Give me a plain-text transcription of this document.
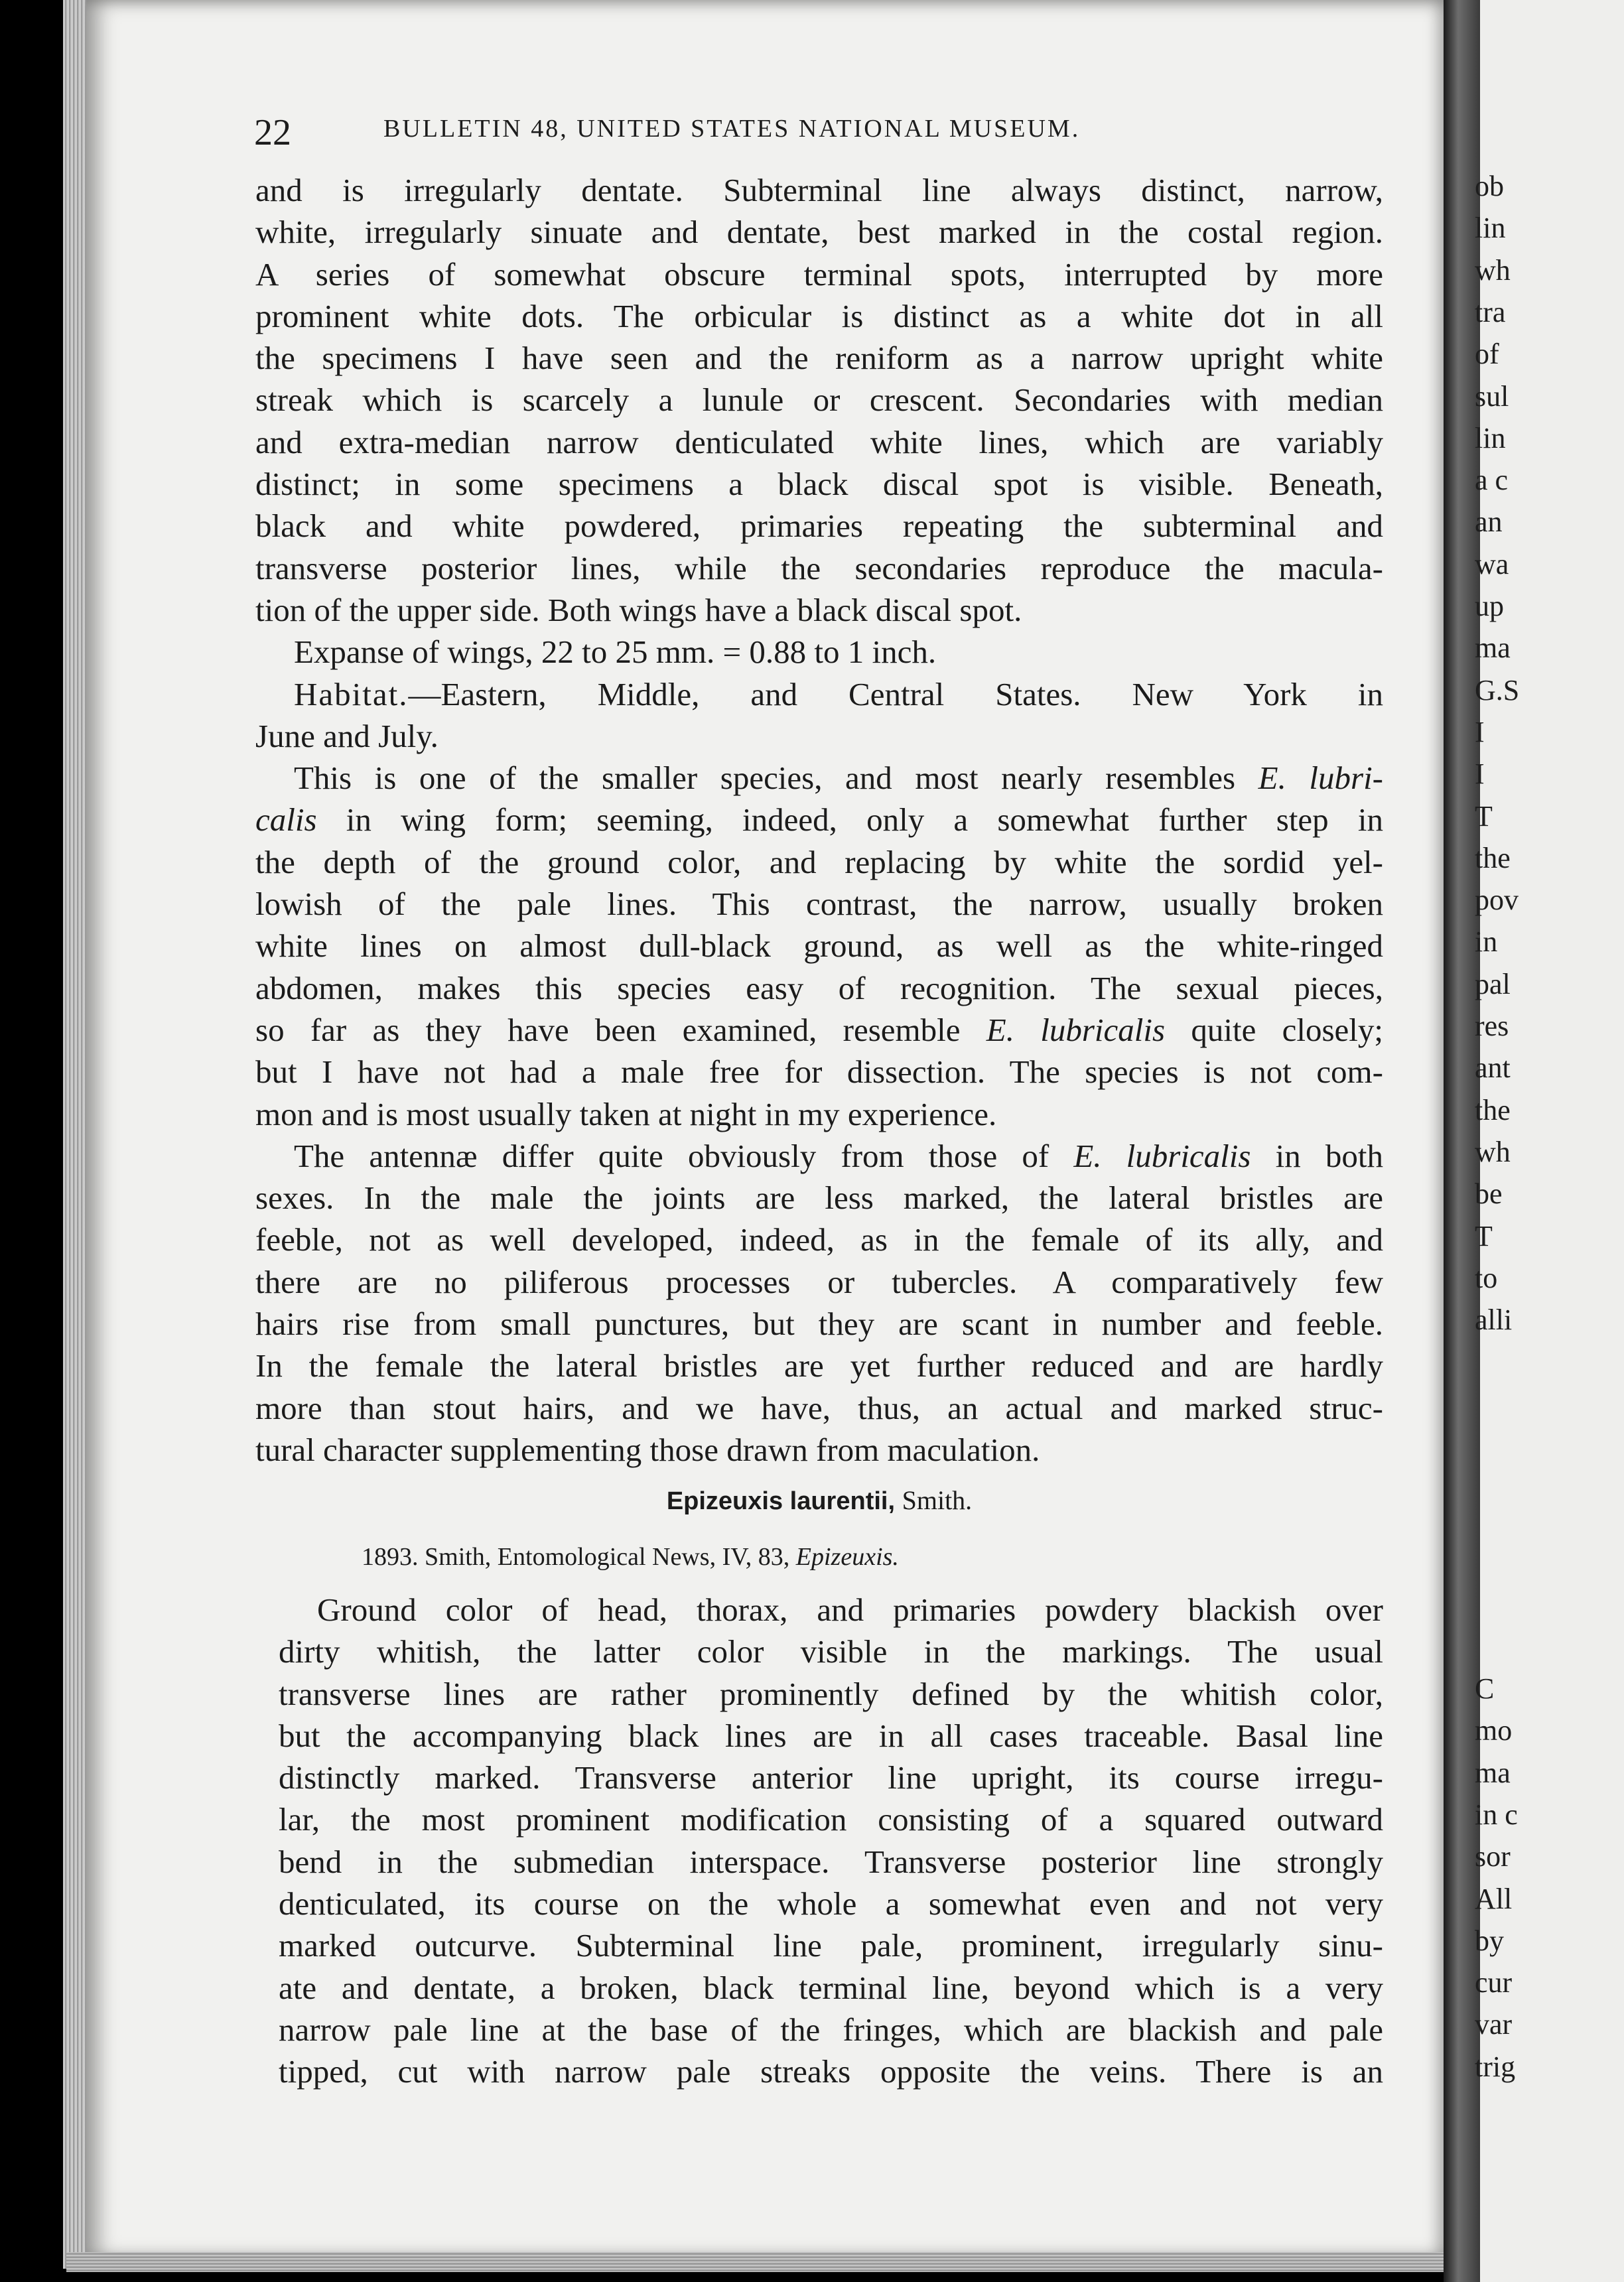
ob
lin
wh
tra
of
sul
lin
a c
an
wa
up
ma
G.S
I
I
T
the
pov
in
pal
res
ant
the
wh
be
T
to
alli
C
mo
ma
in c
sor
All
by
cur
var
trig
22	BULLETIN 48, UNITED STATES NATIONAL MUSEUM.
and is irregularly dentate. Subterminal line always distinct, narrow,
white, irregularly sinuate and dentate, best marked in the costal region.
A series of somewhat obscure terminal spots, interrupted by more
prominent white dots. The orbicular is distinct as a white dot in all
the specimens I have seen and the reniform as a narrow upright white
streak which is scarcely a lunule or crescent. Secondaries with median
and extra-median narrow denticulated white lines, which are variably
distinct; in some specimens a black discal spot is visible. Beneath,
black and white powdered, primaries repeating the subterminal and
transverse posterior lines, while the secondaries reproduce the macula-
tion of the upper side. Both wings have a black discal spot.
Expanse of wings, 22 to 25 mm. = 0.88 to 1 inch.
Habitat.—Eastern, Middle, and Central States. New York in
June and July.
This is one of the smaller species, and most nearly resembles E. lubri-
calis in wing form; seeming, indeed, only a somewhat further step in
the depth of the ground color, and replacing by white the sordid yel-
lowish of the pale lines. This contrast, the narrow, usually broken
white lines on almost dull-black ground, as well as the white-ringed
abdomen, makes this species easy of recognition. The sexual pieces,
so far as they have been examined, resemble E. lubricalis quite closely;
but I have not had a male free for dissection. The species is not com-
mon and is most usually taken at night in my experience.
The antennæ differ quite obviously from those of E. lubricalis in both
sexes. In the male the joints are less marked, the lateral bristles are
feeble, not as well developed, indeed, as in the female of its ally, and
there are no piliferous processes or tubercles. A comparatively few
hairs rise from small punctures, but they are scant in number and feeble.
In the female the lateral bristles are yet further reduced and are hardly
more than stout hairs, and we have, thus, an actual and marked struc-
tural character supplementing those drawn from maculation.
Epizeuxis laurentii, Smith.
1893. Smith, Entomological News, IV, 83, Epizeuxis.
Ground color of head, thorax, and primaries powdery blackish over
dirty whitish, the latter color visible in the markings. The usual
transverse lines are rather prominently defined by the whitish color,
but the accompanying black lines are in all cases traceable. Basal line
distinctly marked. Transverse anterior line upright, its course irregu-
lar, the most prominent modification consisting of a squared outward
bend in the submedian interspace. Transverse posterior line strongly
denticulated, its course on the whole a somewhat even and not very
marked outcurve. Subterminal line pale, prominent, irregularly sinu-
ate and dentate, a broken, black terminal line, beyond which is a very
narrow pale line at the base of the fringes, which are blackish and pale
tipped, cut with narrow pale streaks opposite the veins. There is an
